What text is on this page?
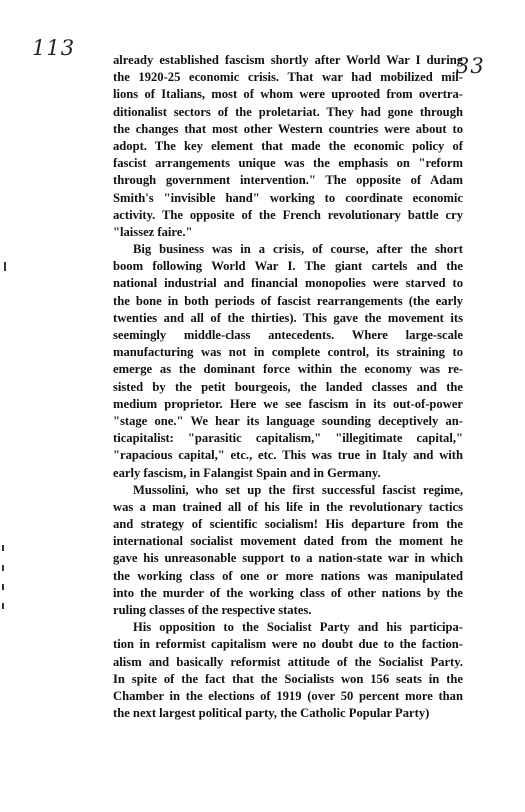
113
33
already established fascism shortly after World War I during
the 1920-25 economic crisis. That war had mobilized mil-
lions of Italians, most of whom were uprooted from overtra-
ditionalist sectors of the proletariat. They had gone through
the changes that most other Western countries were about to
adopt. The key element that made the economic policy of
fascist arrangements unique was the emphasis on "reform
through government intervention." The opposite of Adam
Smith's "invisible hand" working to coordinate economic
activity. The opposite of the French revolutionary battle cry
"laissez faire."
Big business was in a crisis, of course, after the short
boom following World War I. The giant cartels and the
national industrial and financial monopolies were starved to
the bone in both periods of fascist rearrangements (the early
twenties and all of the thirties). This gave the movement its
seemingly middle-class antecedents. Where large-scale
manufacturing was not in complete control, its straining to
emerge as the dominant force within the economy was re-
sisted by the petit bourgeois, the landed classes and the
medium proprietor. Here we see fascism in its out-of-power
"stage one." We hear its language sounding deceptively an-
ticapitalist: "parasitic capitalism," "illegitimate capital,"
"rapacious capital," etc., etc. This was true in Italy and with
early fascism, in Falangist Spain and in Germany.
Mussolini, who set up the first successful fascist regime,
was a man trained all of his life in the revolutionary tactics
and strategy of scientific socialism! His departure from the
international socialist movement dated from the moment he
gave his unreasonable support to a nation-state war in which
the working class of one or more nations was manipulated
into the murder of the working class of other nations by the
ruling classes of the respective states.
His opposition to the Socialist Party and his participa-
tion in reformist capitalism were no doubt due to the faction-
alism and basically reformist attitude of the Socialist Party.
In spite of the fact that the Socialists won 156 seats in the
Chamber in the elections of 1919 (over 50 percent more than
the next largest political party, the Catholic Popular Party)
